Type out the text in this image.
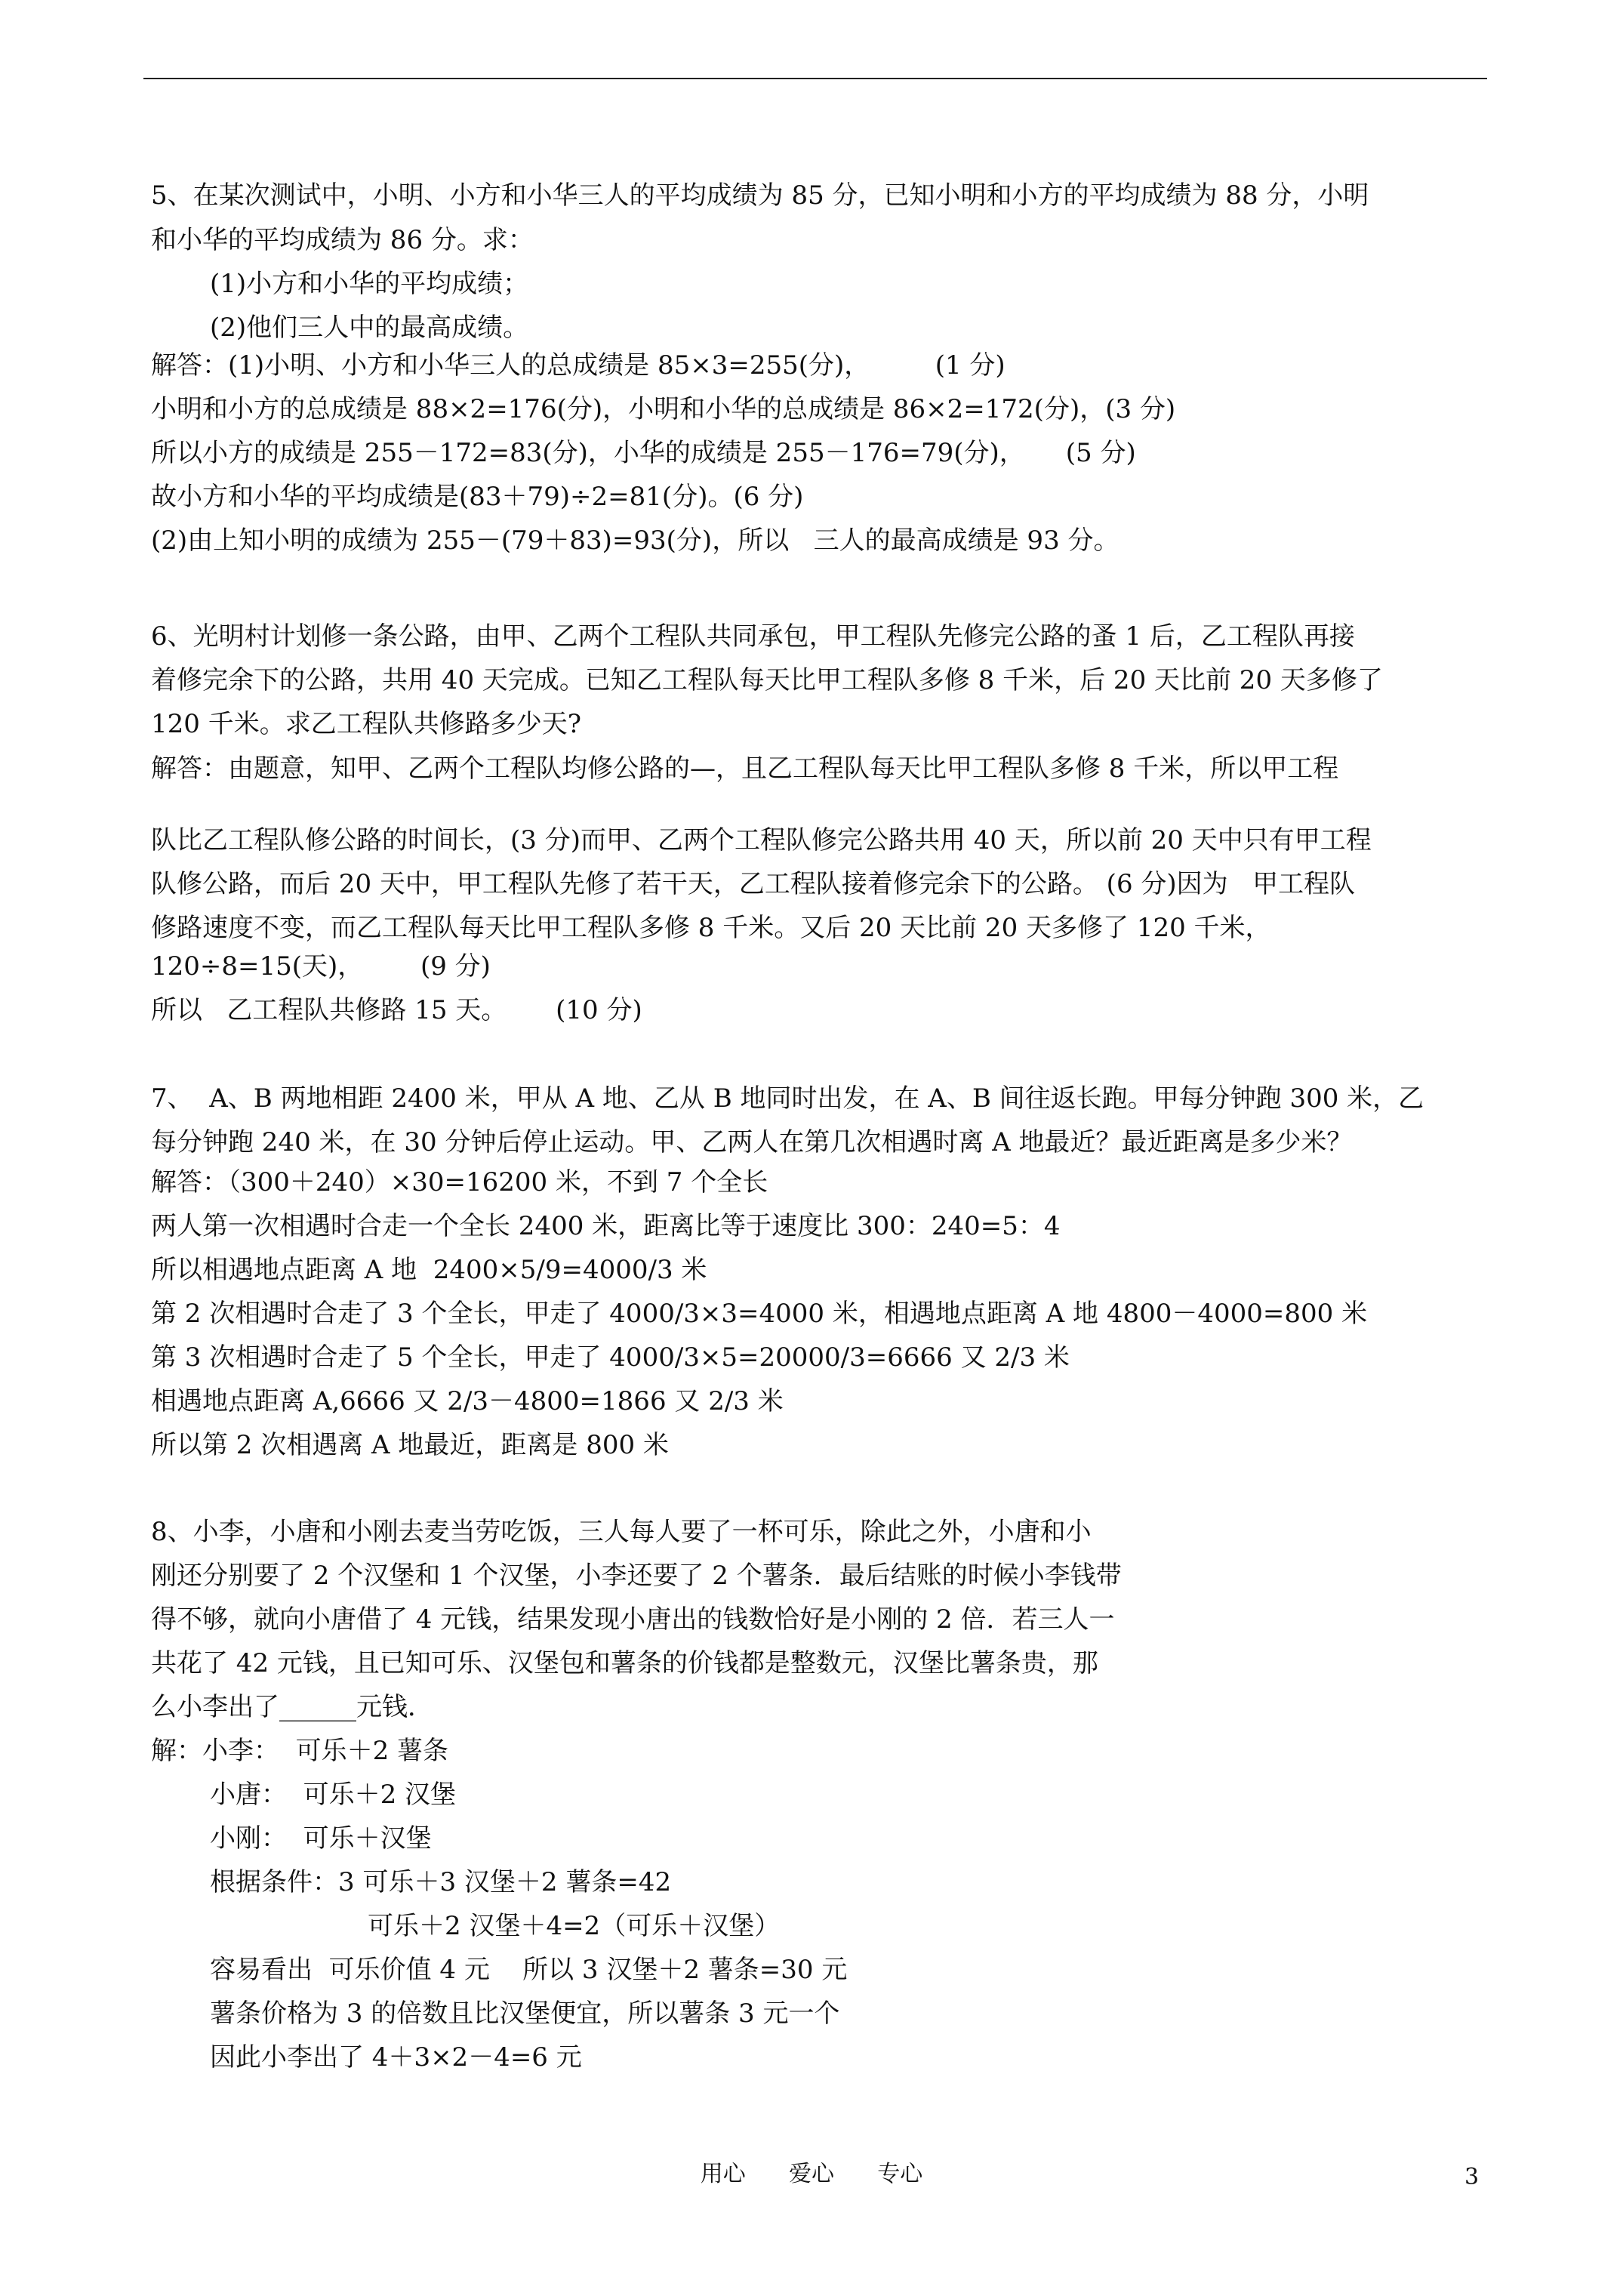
5、在某次测试中，小明、小方和小华三人的平均成绩为 85 分，已知小明和小方的平均成绩为 88 分，小明
和小华的平均成绩为 86 分。求：
(1)小方和小华的平均成绩；
(2)他们三人中的最高成绩。
解答：(1)小明、小方和小华三人的总成绩是 85×3=255(分)，        (1 分)
小明和小方的总成绩是 88×2=176(分)，小明和小华的总成绩是 86×2=172(分)，(3 分)
所以小方的成绩是 255－172=83(分)，小华的成绩是 255－176=79(分)，     (5 分)
故小方和小华的平均成绩是(83＋79)÷2=81(分)。(6 分)
(2)由上知小明的成绩为 255－(79＋83)=93(分)，所以   三人的最高成绩是 93 分。
6、光明村计划修一条公路，由甲、乙两个工程队共同承包，甲工程队先修完公路的蚤 1 后，乙工程队再接
着修完余下的公路，共用 40 天完成。已知乙工程队每天比甲工程队多修 8 千米，后 20 天比前 20 天多修了
120 千米。求乙工程队共修路多少天?
解答：由题意，知甲、乙两个工程队均修公路的—，且乙工程队每天比甲工程队多修 8 千米，所以甲工程
队比乙工程队修公路的时间长，(3 分)而甲、乙两个工程队修完公路共用 40 天，所以前 20 天中只有甲工程
队修公路，而后 20 天中，甲工程队先修了若干天，乙工程队接着修完余下的公路。 (6 分)因为   甲工程队
修路速度不变，而乙工程队每天比甲工程队多修 8 千米。又后 20 天比前 20 天多修了 120 千米，
120÷8=15(天)，       (9 分)
所以   乙工程队共修路 15 天。      (10 分)
7、  A、B 两地相距 2400 米，甲从 A 地、乙从 B 地同时出发，在 A、B 间往返长跑。甲每分钟跑 300 米，乙
每分钟跑 240 米，在 30 分钟后停止运动。甲、乙两人在第几次相遇时离 A 地最近？最近距离是多少米？
解答：（300＋240）×30=16200 米，不到 7 个全长
两人第一次相遇时合走一个全长 2400 米，距离比等于速度比 300：240=5：4
所以相遇地点距离 A 地  2400×5/9=4000/3 米
第 2 次相遇时合走了 3 个全长，甲走了 4000/3×3=4000 米，相遇地点距离 A 地 4800－4000=800 米
第 3 次相遇时合走了 5 个全长，甲走了 4000/3×5=20000/3=6666 又 2/3 米
相遇地点距离 A,6666 又 2/3－4800=1866 又 2/3 米
所以第 2 次相遇离 A 地最近，距离是 800 米
8、小李，小唐和小刚去麦当劳吃饭，三人每人要了一杯可乐，除此之外，小唐和小
刚还分别要了 2 个汉堡和 1 个汉堡，小李还要了 2 个薯条．最后结账的时候小李钱带
得不够，就向小唐借了 4 元钱，结果发现小唐出的钱数恰好是小刚的 2 倍．若三人一
共花了 42 元钱，且已知可乐、汉堡包和薯条的价钱都是整数元，汉堡比薯条贵，那
么小李出了______元钱．
解：小李：  可乐＋2 薯条
小唐：  可乐＋2 汉堡
小刚：  可乐＋汉堡
根据条件：3 可乐＋3 汉堡＋2 薯条=42
可乐＋2 汉堡＋4=2（可乐＋汉堡）
容易看出  可乐价值 4 元    所以 3 汉堡＋2 薯条=30 元
薯条价格为 3 的倍数且比汉堡便宜，所以薯条 3 元一个
因此小李出了 4＋3×2－4=6 元
用心      爱心      专心	3
